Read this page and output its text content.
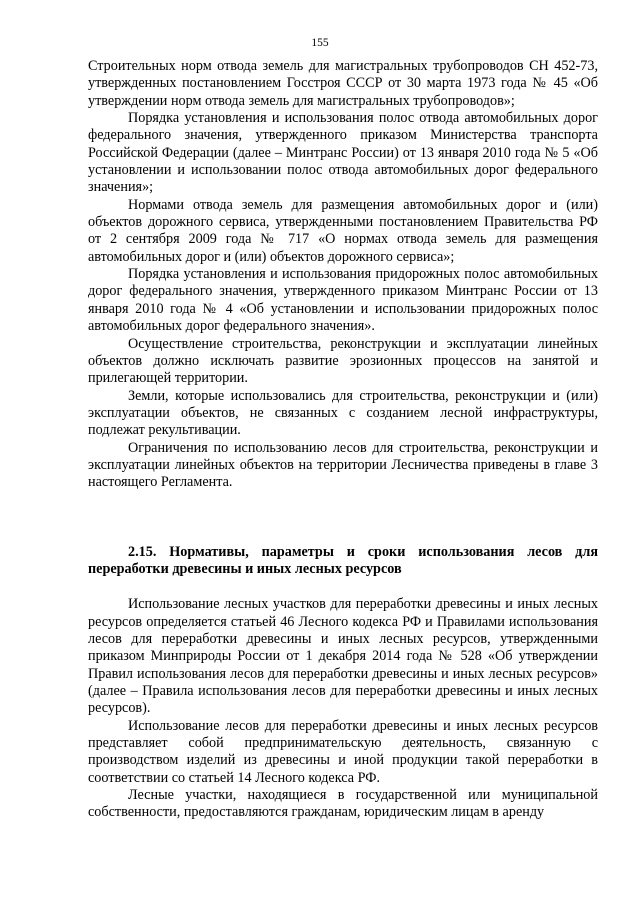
155

Строительных норм отвода земель для магистральных трубопроводов СН 452-73, утвержденных постановлением Госстроя СССР от 30 марта 1973 года № 45 «Об утверждении норм отвода земель для магистральных трубопроводов»;

Порядка установления и использования полос отвода автомобильных дорог федерального значения, утвержденного приказом Министерства транспорта Российской Федерации (далее – Минтранс России) от 13 января 2010 года № 5 «Об установлении и использовании полос отвода автомобильных дорог федерального значения»;

Нормами отвода земель для размещения автомобильных дорог и (или) объектов дорожного сервиса, утвержденными постановлением Правительства РФ от 2 сентября 2009 года № 717 «О нормах отвода земель для размещения автомобильных дорог и (или) объектов дорожного сервиса»;

Порядка установления и использования придорожных полос автомобильных дорог федерального значения, утвержденного приказом Минтранс России от 13 января 2010 года № 4 «Об установлении и использовании придорожных полос автомобильных дорог федерального значения».

Осуществление строительства, реконструкции и эксплуатации линейных объектов должно исключать развитие эрозионных процессов на занятой и прилегающей территории.

Земли, которые использовались для строительства, реконструкции и (или) эксплуатации объектов, не связанных с созданием лесной инфраструктуры, подлежат рекультивации.

Ограничения по использованию лесов для строительства, реконструкции и эксплуатации линейных объектов на территории Лесничества приведены в главе 3 настоящего Регламента.

2.15. Нормативы, параметры и сроки использования лесов для переработки древесины и иных лесных ресурсов

Использование лесных участков для переработки древесины и иных лесных ресурсов определяется статьей 46 Лесного кодекса РФ и Правилами использования лесов для переработки древесины и иных лесных ресурсов, утвержденными приказом Минприроды России от 1 декабря 2014 года № 528 «Об утверждении Правил использования лесов для переработки древесины и иных лесных ресурсов» (далее – Правила использования лесов для переработки древесины и иных лесных ресурсов).

Использование лесов для переработки древесины и иных лесных ресурсов представляет собой предпринимательскую деятельность, связанную с производством изделий из древесины и иной продукции такой переработки в соответствии со статьей 14 Лесного кодекса РФ.

Лесные участки, находящиеся в государственной или муниципальной собственности, предоставляются гражданам, юридическим лицам в аренду
